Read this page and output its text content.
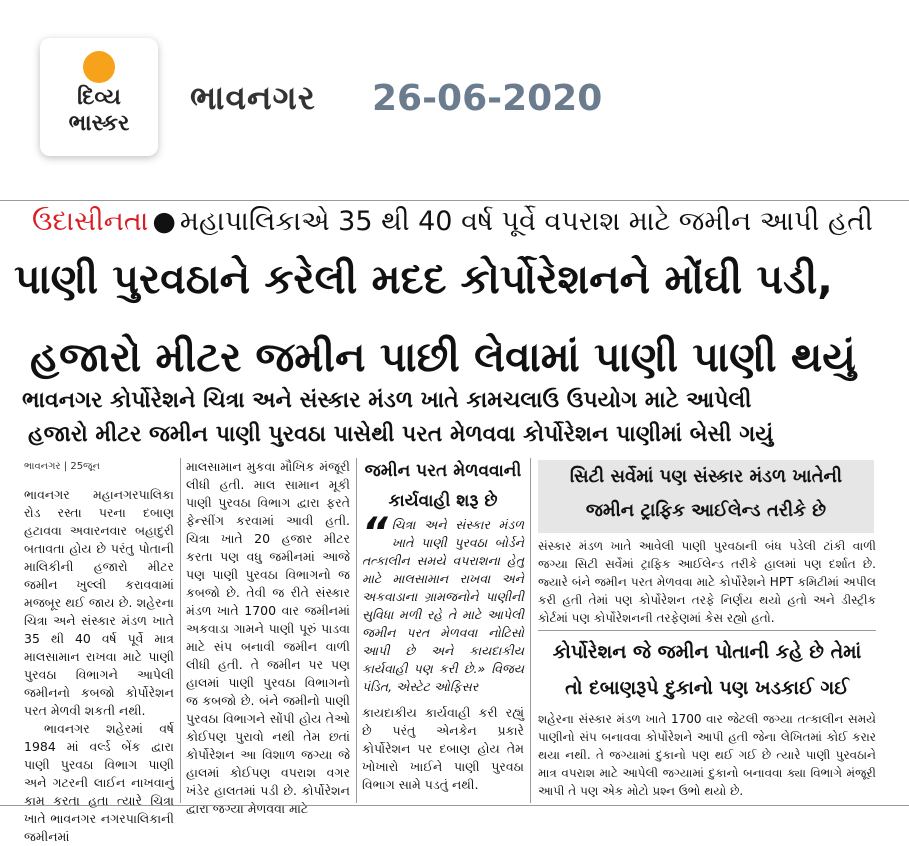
દિવ્ય
ભાસ્કર
ભાવનગર 26-06-2020
ઉદાસીનતા ● મહાપાલિકાએ 35 થી 40 વર્ષ પૂર્વે વપરાશ માટે જમીન આપી હતી
પાણી પુરવઠાને કરેલી મદદ કોર્પોરેશનને મોંઘી પડી,
હજારો મીટર જમીન પાછી લેવામાં પાણી પાણી થયું
ભાવનગર કોર્પોરેશને ચિત્રા અને સંસ્કાર મંડળ ખાતે કામચલાઉ ઉપયોગ માટે આપેલી
હજારો મીટર જમીન પાણી પુરવઠા પાસેથી પરત મેળવવા કોર્પોરેશન પાણીમાં બેસી ગયું
ભાવનગર | 25જૂન
ભાવનગર મહાનગરપાલિકા રોડ રસ્તા પરના દબાણ હટાવવા અવારનવાર બહાદુરી બતાવતા હોય છે પરંતુ પોતાની માલિકીની હજારો મીટર જમીન ખુલ્લી કરાવવામાં મજબૂર થઈ જાય છે. શહેરના ચિત્રા અને સંસ્કાર મંડળ ખાતે 35 થી 40 વર્ષ પૂર્વે માત્ર માલસામાન રાખવા માટે પાણી પુરવઠા વિભાગને આપેલી જમીનનો કબજો કોર્પોરેશન પરત મેળવી શકતી નથી.
ભાવનગર શહેરમાં વર્ષ 1984 માં વર્લ્ડ બેંક દ્વારા પાણી પુરવઠા વિભાગ પાણી અને ગટરની લાઈન નાખવાનું કામ કરતા હતા ત્યારે ચિત્રા ખાતે ભાવનગર નગરપાલિકાની જમીનમાં
માલસામાન મુકવા મૌખિક મંજૂરી લીધી હતી. માલ સામાન મૂકી પાણી પુરવઠા વિભાગ દ્વારા ફરતે ફેન્સીંગ કરવામાં આવી હતી. ચિત્રા ખાતે 20 હજાર મીટર કરતા પણ વધુ જમીનમાં આજે પણ પાણી પુરવઠા વિભાગનો જ કબજો છે. તેવી જ રીતે સંસ્કાર મંડળ ખાતે 1700 વાર જમીનમાં અકવાડા ગામને પાણી પૂરું પાડવા માટે સંપ બનાવી જમીન વાળી લીધી હતી. તે જમીન પર પણ હાલમાં પાણી પુરવઠા વિભાગનો જ કબજો છે. બંને જમીનો પાણી પુરવઠા વિભાગને સોંપી હોય તેઓ કોઈપણ પુરાવો નથી તેમ છતાં કોર્પોરેશન આ વિશાળ જગ્યા જે હાલમાં કોઈપણ વપરાશ વગર ખંડેર હાલતમાં પડી છે. કોર્પોરેશન દ્વારા જગ્યા મેળવવા માટે
જમીન પરત મેળવવાની
કાર્યવાહી શરૂ છે
“ ચિત્રા અને સંસ્કાર મંડળ ખાતે પાણી પુરવઠા બોર્ડને તત્કાલીન સમયે વપરાશના હેતુ માટે માલસામાન રાખવા અને અકવાડાના ગ્રામજનોને પાણીની સુવિધા મળી રહે તે માટે આપેલી જમીન પરત મેળવવા નોટિસો આપી છે અને કાયદાકીય કાર્યવાહી પણ કરી છે.» વિજય પંડિત, એસ્ટેટ ઓફિસર
કાયદાકીય કાર્યવાહી કરી રહ્યું છે પરંતુ એનકેન પ્રકારે કોર્પોરેશન પર દબાણ હોય તેમ ખોખારો ખાઈને પાણી પુરવઠા વિભાગ સામે પડતું નથી.
સિટી સર્વેમાં પણ સંસ્કાર મંડળ ખાતેની
જમીન ટ્રાફિક આઈલેન્ડ તરીકે છે
સંસ્કાર મંડળ ખાતે આવેલી પાણી પુરવઠાની બંધ પડેલી ટાંકી વાળી જગ્યા સિટી સર્વેમાં ટ્રાફિક આઈલેન્ડ તરીકે હાલમાં પણ દર્શાત છે. જ્યારે બંને જમીન પરત મેળવવા માટે કોર્પોરેશને HPT કમિટીમાં અપીલ કરી હતી તેમાં પણ કોર્પોરેશન તરફે નિર્ણય થયો હતો અને ડીસ્ટ્રીક કોર્ટમાં પણ કોર્પોરેશનની તરફેણમાં કેસ રહ્યો હતો.
કોર્પોરેશન જે જમીન પોતાની કહે છે તેમાં
તો દબાણરૂપે દુકાનો પણ ખડકાઈ ગઈ
શહેરના સંસ્કાર મંડળ ખાતે 1700 વાર જેટલી જગ્યા તત્કાલીન સમયે પાણીનો સંપ બનાવવા કોર્પોરેશને આપી હતી જેના લેખિતમાં કોઈ કરાર થયા નથી. તે જગ્યામાં દુકાનો પણ થઈ ગઈ છે ત્યારે પાણી પુરવઠાને માત્ર વપરાશ માટે આપેલી જગ્યામાં દુકાનો બનાવવા ક્યા વિભાગે મંજૂરી આપી તે પણ એક મોટો પ્રશ્ન ઉભો થયો છે.
